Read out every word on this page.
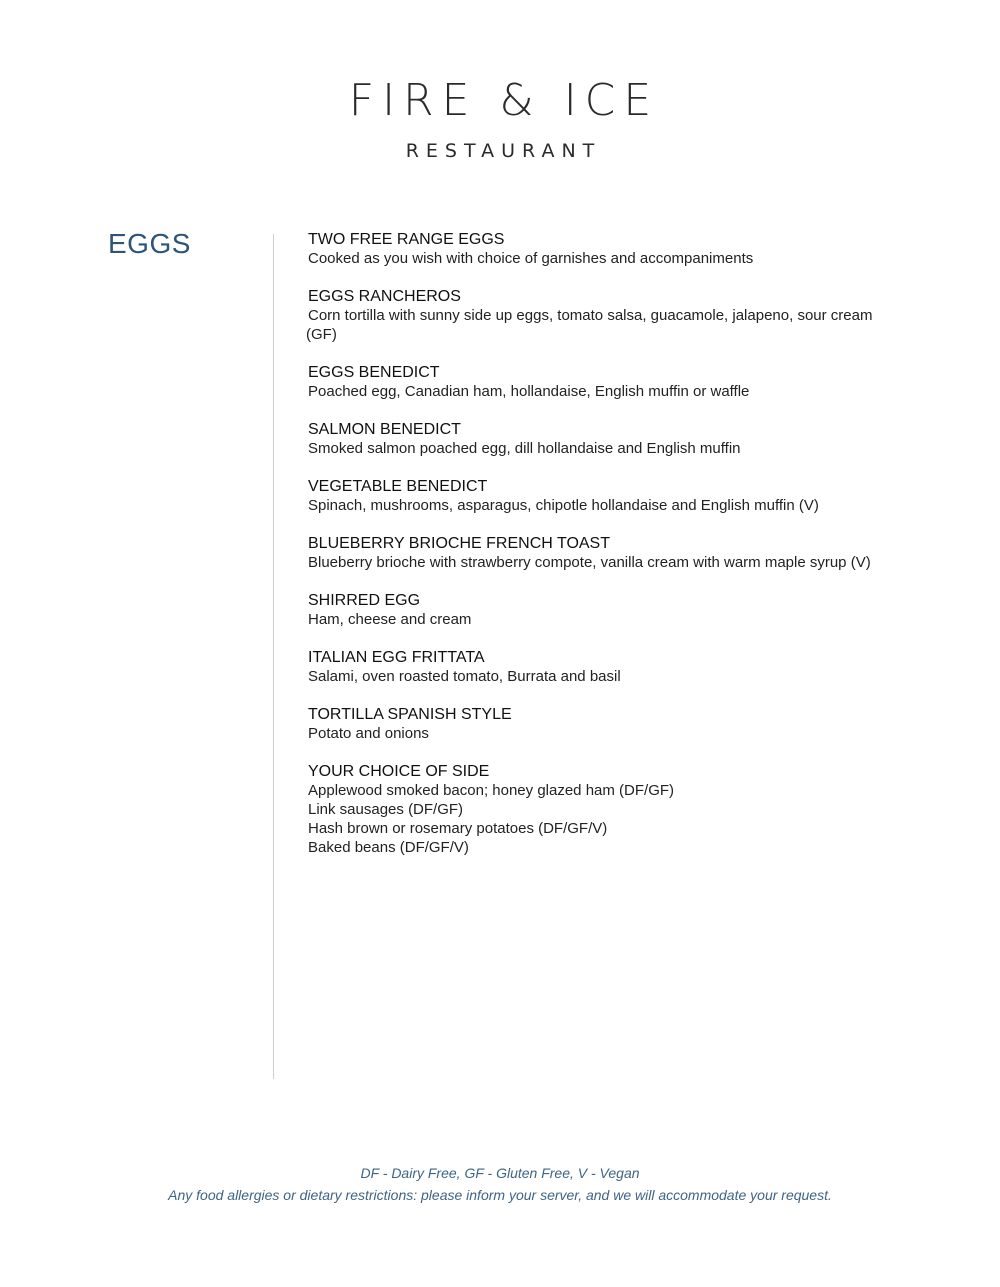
FIRE & ICE
RESTAURANT
EGGS	TWO FREE RANGE EGGS
Cooked as you wish with choice of garnishes and accompaniments
EGGS RANCHEROS
Corn tortilla with sunny side up eggs, tomato salsa, guacamole, jalapeno, sour cream
(GF)
EGGS BENEDICT
Poached egg, Canadian ham, hollandaise, English muffin or waffle
SALMON BENEDICT
Smoked salmon poached egg, dill hollandaise and English muffin
VEGETABLE BENEDICT
Spinach, mushrooms, asparagus, chipotle hollandaise and English muffin (V)
BLUEBERRY BRIOCHE FRENCH TOAST
Blueberry brioche with strawberry compote, vanilla cream with warm maple syrup (V)
SHIRRED EGG
Ham, cheese and cream
ITALIAN EGG FRITTATA
Salami, oven roasted tomato, Burrata and basil
TORTILLA SPANISH STYLE
Potato and onions
YOUR CHOICE OF SIDE
Applewood smoked bacon; honey glazed ham (DF/GF)
Link sausages (DF/GF)
Hash brown or rosemary potatoes (DF/GF/V)
Baked beans (DF/GF/V)
DF - Dairy Free, GF - Gluten Free, V - Vegan
Any food allergies or dietary restrictions: please inform your server, and we will accommodate your request.
